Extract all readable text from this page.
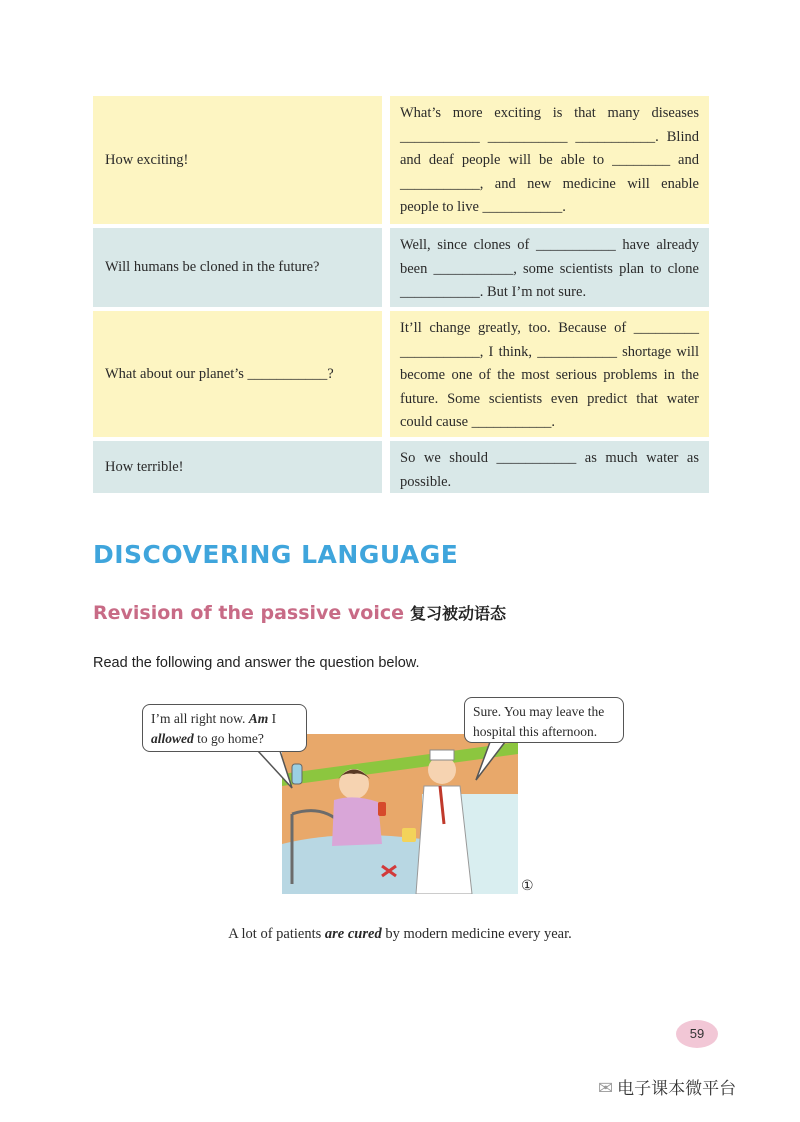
How exciting!
What’s more exciting is that many diseases ___________ ___________ ___________. Blind and deaf people will be able to ________ and ___________, and new medicine will enable people to live ___________.
Will humans be cloned in the future?
Well, since clones of ___________ have already been ___________, some scientists plan to clone ___________. But I’m not sure.
What about our planet’s ___________?
It’ll change greatly, too. Because of _________ ___________, I think, ___________ shortage will become one of the most serious problems in the future. Some scientists even predict that water could cause ___________.
How terrible!
So we should ___________ as much water as possible.
DISCOVERING LANGUAGE
Revision of the passive voice 复习被动语态
Read the following and answer the question below.
I’m all right now. Am I
allowed to go home?
Sure. You may leave the hospital this afternoon.
①
A lot of patients are cured by modern medicine every year.
59
✉ 电子课本微平台
